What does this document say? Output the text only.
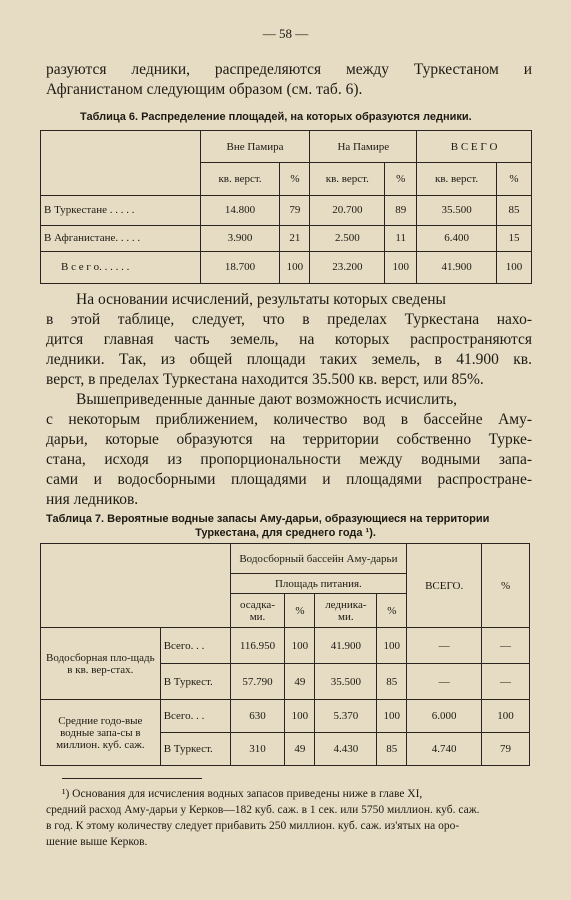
— 58 —
разуются ледники, распределяются между Туркестаном и
Афганистаном следующим образом (см. таб. 6).
Таблица 6. Распределение площадей, на которых образуются ледники.
	Вне Памира		На Памире		В С Е Г О	
	кв. верст.	%	кв. верст.	%	кв. верст.	%
В Туркестане . . . . .	14.800	79	20.700	89	35.500	85
В Афганистане. . . . .	3.900	21	2.500	11	6.400	15
В с е г о. . . . . .	18.700	100	23.200	100	41.900	100
На основании исчислений, результаты которых сведены
в этой таблице, следует, что в пределах Туркестана нахо-
дится главная часть земель, на которых распространяются
ледники. Так, из общей площади таких земель, в 41.900 кв.
верст, в пределах Туркестана находится 35.500 кв. верст, или 85%.
Вышеприведенные данные дают возможность исчислить,
с некоторым приближением, количество вод в бассейне Аму-
дарьи, которые образуются на территории собственно Турке-
стана, исходя из пропорциональности между водными запа-
сами и водосборными площадями и площадями распростране-
ния ледников.
Таблица 7. Вероятные водные запасы Аму-дарьи, образующиеся на территории
Туркестана, для среднего года ¹).
		Водосборный бассейн Аму-дарьи				ВСЕГО.	%
		Площадь питания.					
		осадка-ми.	%	ледника-ми.	%		
Водосборная пло-щадь в кв. вер-стах.	Всего. . .	116.950	100	41.900	100	—	—
	В Туркест.	57.790	49	35.500	85	—	—
Средние годо-вые водные запа-сы в миллион. куб. саж.	Всего. . .	630	100	5.370	100	6.000	100
	В Туркест.	310	49	4.430	85	4.740	79
¹) Основания для исчисления водных запасов приведены ниже в главе XI,
средний расход Аму-дарьи у Керков—182 куб. саж. в 1 сек. или 5750 миллион. куб. саж.
в год. К этому количеству следует прибавить 250 миллион. куб. саж. из'ятых на оро-
шение выше Керков.
